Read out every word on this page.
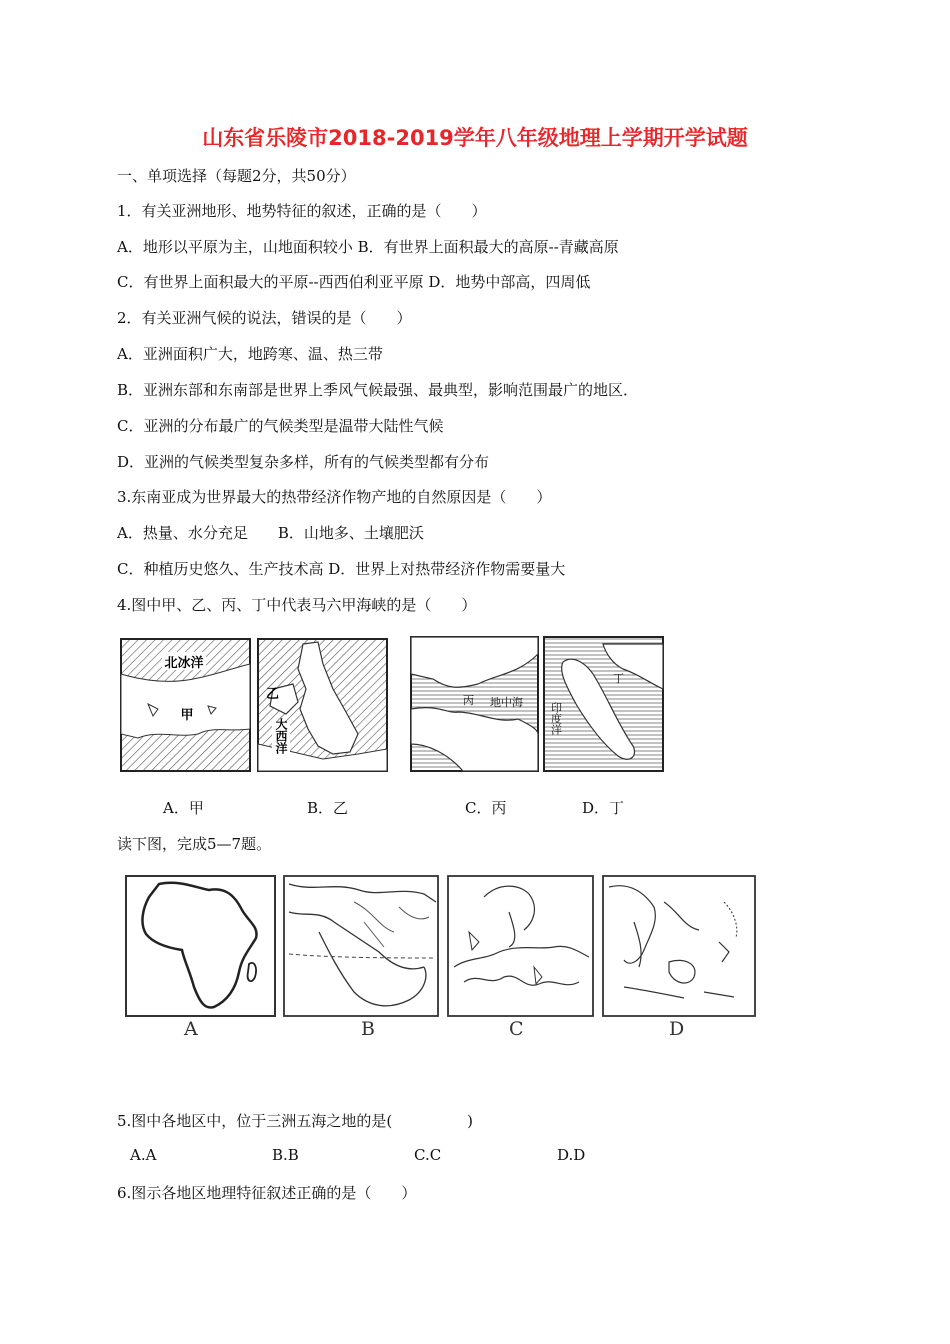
山东省乐陵市2018-2019学年八年级地理上学期开学试题
一、单项选择（每题2分，共50分）
1．有关亚洲地形、地势特征的叙述，正确的是（　　）
A．地形以平原为主，山地面积较小 B．有世界上面积最大的高原--青藏高原
C．有世界上面积最大的平原--西西伯利亚平原 D．地势中部高，四周低
2．有关亚洲气候的说法，错误的是（　　）
A．亚洲面积广大，地跨寒、温、热三带
B．亚洲东部和东南部是世界上季风气候最强、最典型，影响范围最广的地区．
C．亚洲的分布最广的气候类型是温带大陆性气候
D．亚洲的气候类型复杂多样，所有的气候类型都有分布
3.东南亚成为世界最大的热带经济作物产地的自然原因是（　　）
A．热量、水分充足　　B．山地多、土壤肥沃
C．种植历史悠久、生产技术高 D．世界上对热带经济作物需要量大
4.图中甲、乙、丙、丁中代表马六甲海峡的是（　　）
北冰洋
甲
乙
大西洋
丙 地中海
丁
印度洋
A．甲	B．乙	C．丙	D．丁
读下图，完成5—7题。
A	B	C	D
5.图中各地区中，位于三洲五海之地的是(　　　　　)
A.A	B.B	C.C	D.D
6.图示各地区地理特征叙述正确的是（　　）
